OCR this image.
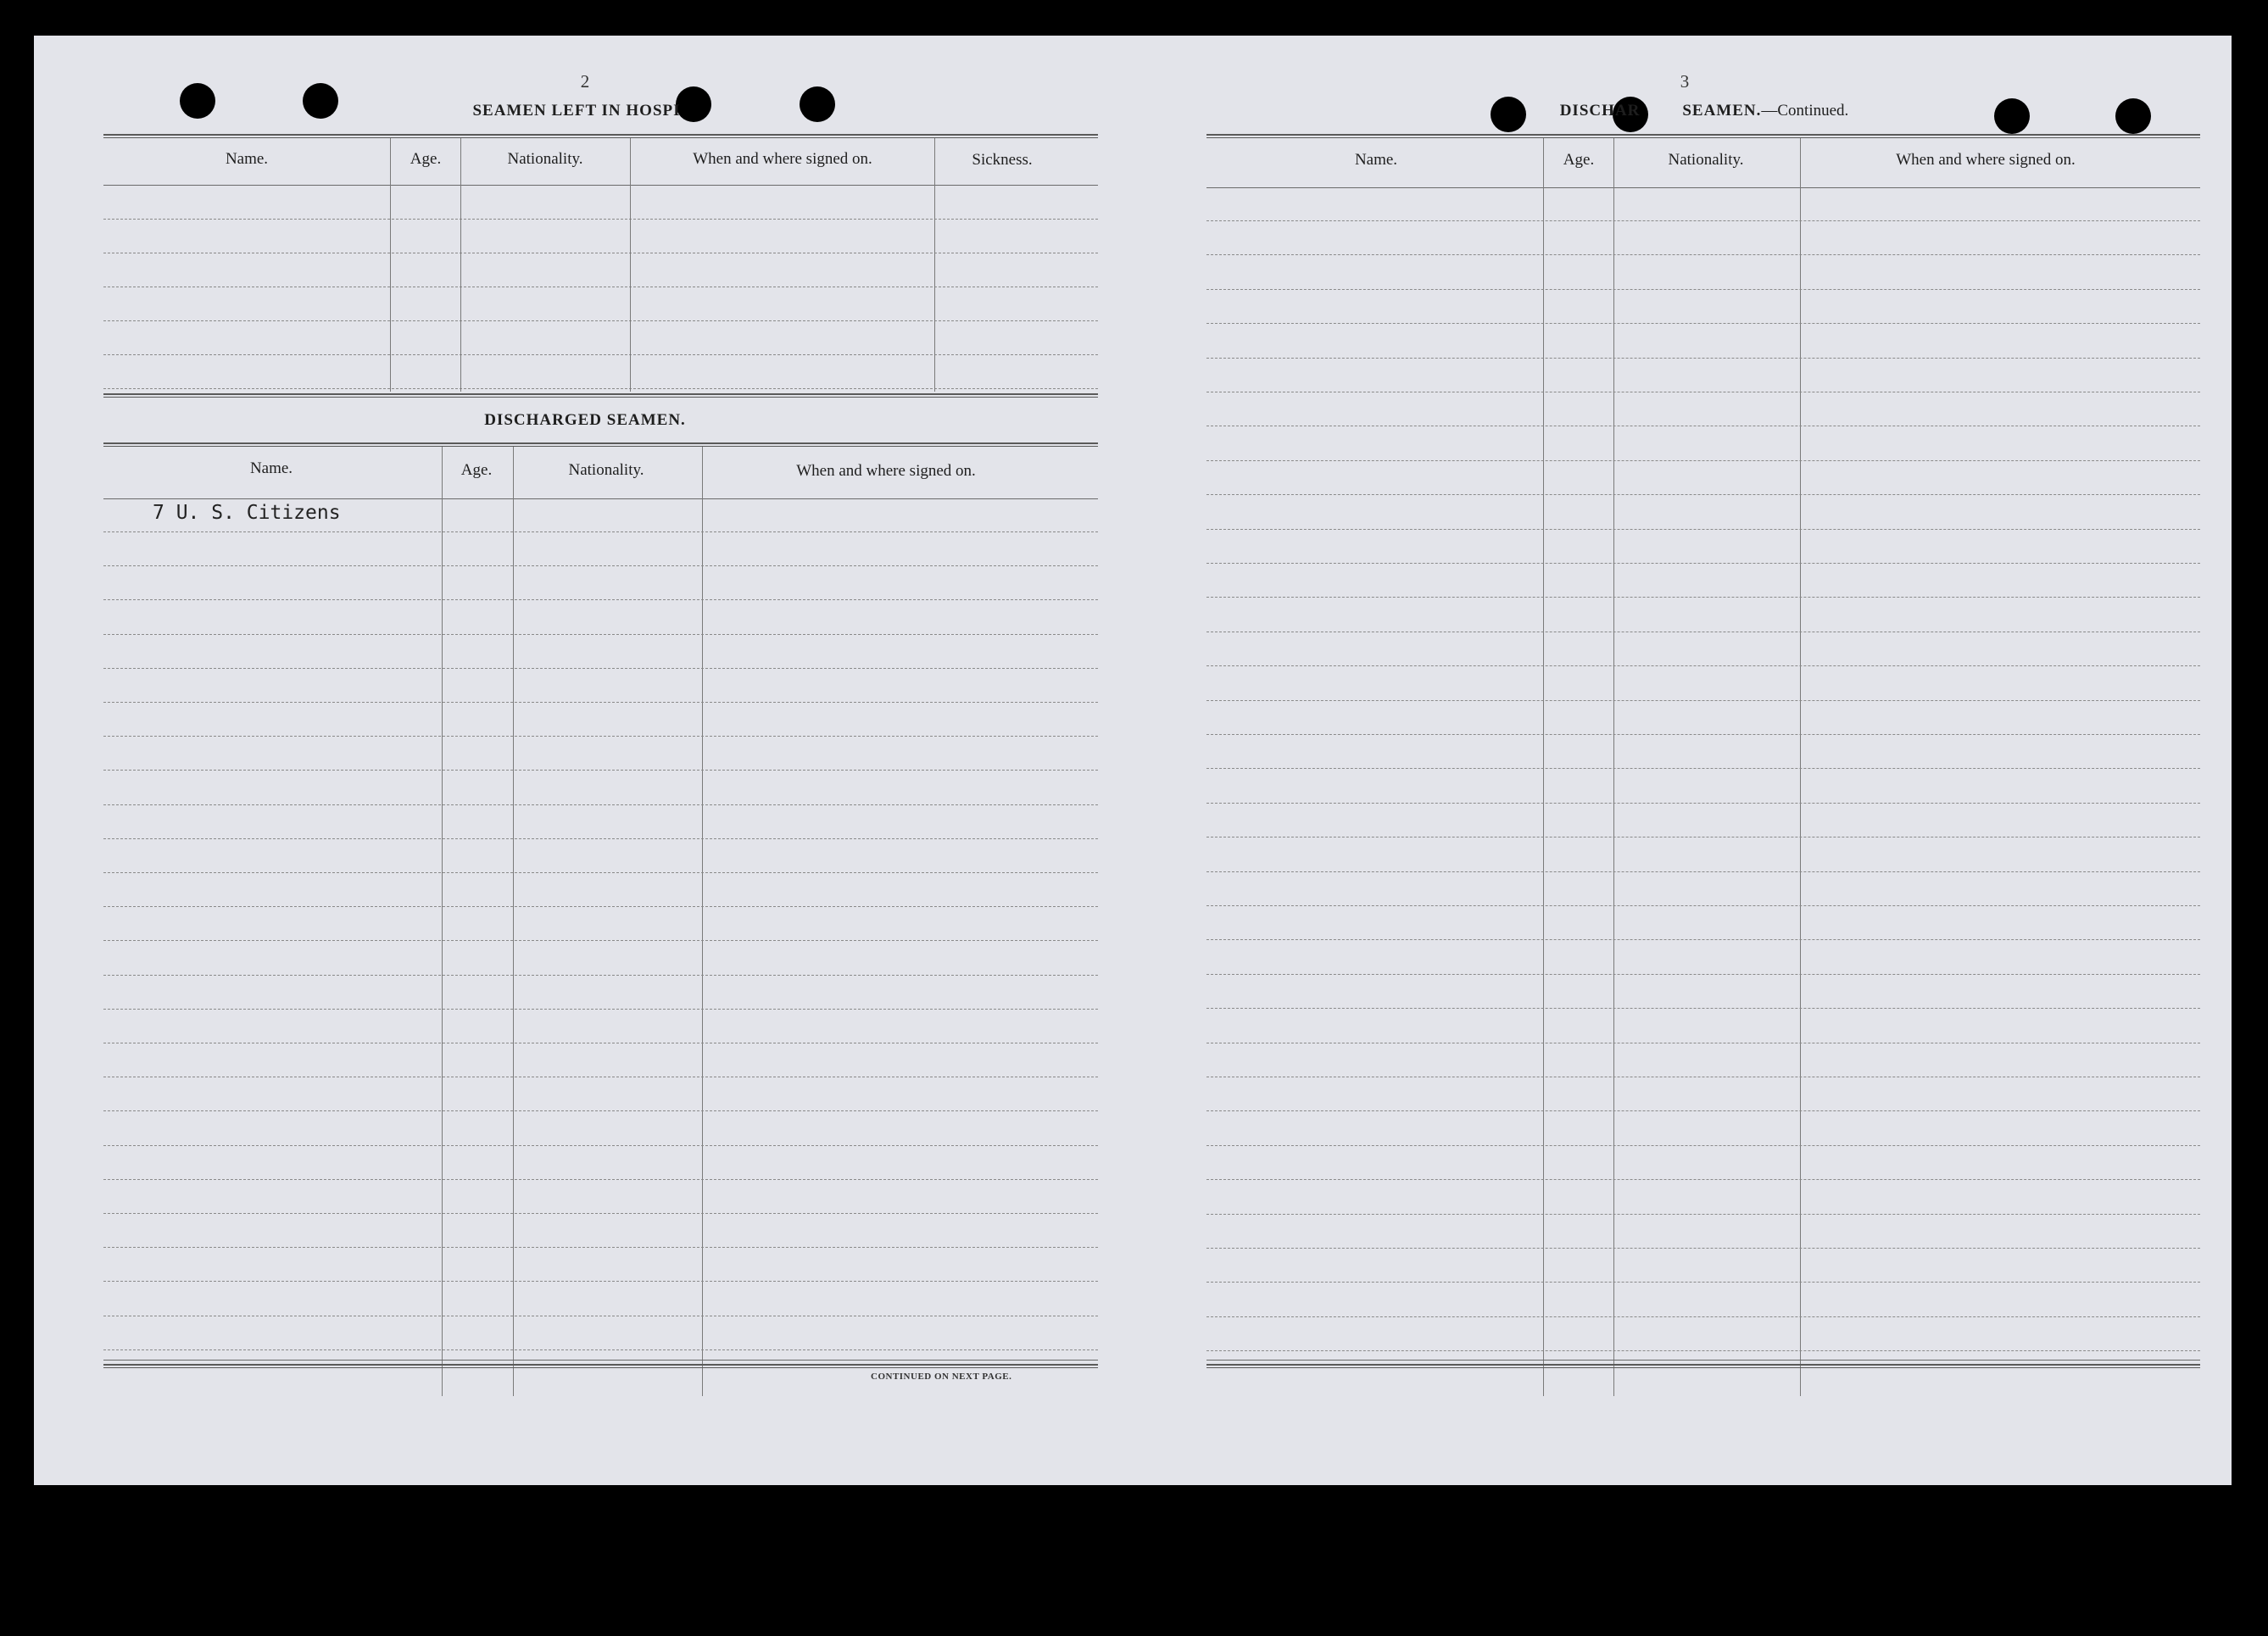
2
SEAMEN LEFT IN HOSPI
Name.	Age.	Nationality.	When and where signed on.	Sickness.
DISCHARGED SEAMEN.
Name.	Age.	Nationality.	When and where signed on.
7 U. S. Citizens
CONTINUED ON NEXT PAGE.
3
DISCHAR	SEAMEN.—Continued.
Name.	Age.	Nationality.	When and where signed on.
